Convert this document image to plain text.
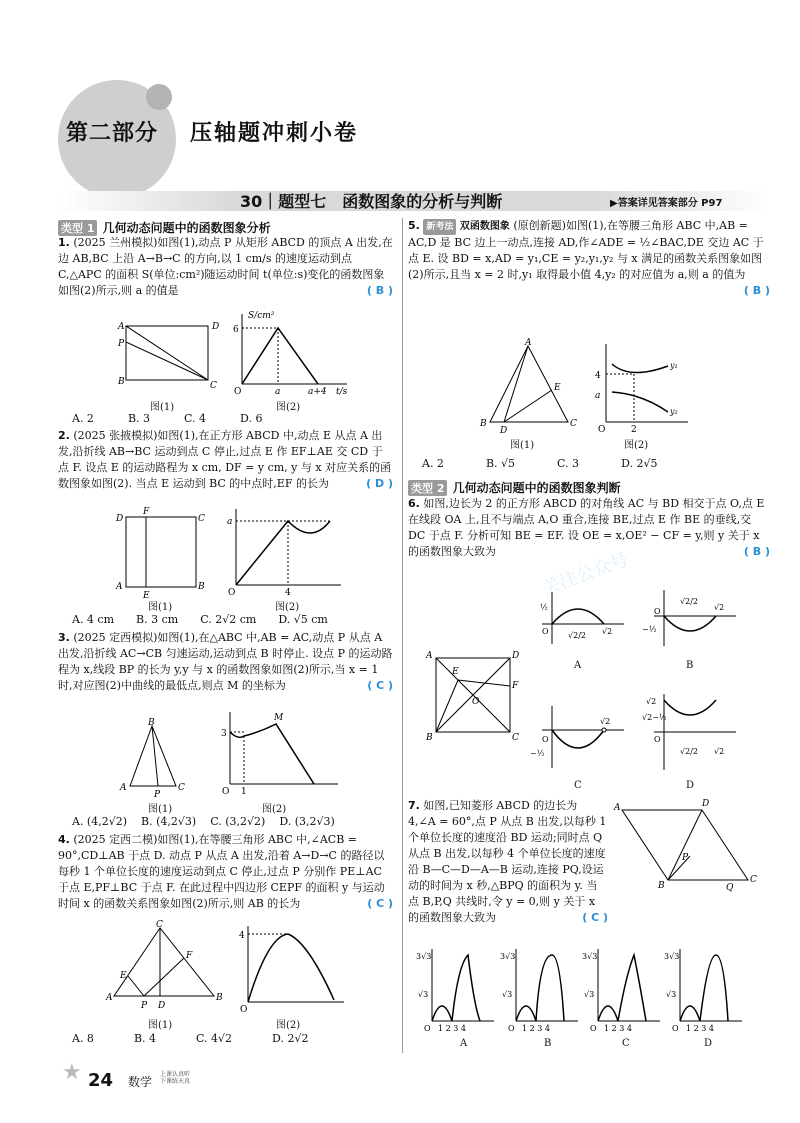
第二部分 压轴题冲刺小卷
30｜题型七　函数图象的分析与判断	▶答案详见答案部分 P97
类型 1 几何动态问题中的函数图象分析
1. (2025 兰州模拟)如图(1),动点 P 从矩形 ABCD 的顶点 A 出发,在边 AB,BC 上沿 A→B→C 的方向,以 1 cm/s 的速度运动到点 C,△APC 的面积 S(单位:cm²)随运动时间 t(单位:s)变化的函数图象如图(2)所示,则 a 的值是	( B )
A	D
B	C
P
图(1)
6
S/cm²
O	a	a+4 t/s
图(2)
A. 2	B. 3	C. 4	D. 6
2. (2025 张掖模拟)如图(1),在正方形 ABCD 中,动点 E 从点 A 出发,沿折线 AB→BC 运动到点 C 停止,过点 E 作 EF⊥AE 交 CD 于点 F. 设点 E 的运动路程为 x cm, DF = y cm, y 与 x 对应关系的函数图象如图(2). 当点 E 运动到 BC 的中点时,EF 的长为	( D )
D
F
C
A
E
B
图(1)
a
O	4
图(2)
A. 4 cm B. 3 cm C. 2√2 cm D. √5 cm
3. (2025 定西模拟)如图(1),在△ABC 中,AB = AC,动点 P 从点 A 出发,沿折线 AC→CB 匀速运动,运动到点 B 时停止. 设点 P 的运动路程为 x,线段 BP 的长为 y,y 与 x 的函数图象如图(2)所示,当 x = 1 时,对应图(2)中曲线的最低点,则点 M 的坐标为	( C )
B
A	C
P
图(1)
3
M
O 1
图(2)
A. (4,2√2) B. (4,2√3) C. (3,2√2) D. (3,2√3)
4. (2025 定西二模)如图(1),在等腰三角形 ABC 中,∠ACB = 90°,CD⊥AB 于点 D. 动点 P 从点 A 出发,沿着 A→D→C 的路径以每秒 1 个单位长度的速度运动到点 C 停止,过点 P 分别作 PE⊥AC 于点 E,PF⊥BC 于点 F. 在此过程中四边形 CEPF 的面积 y 与运动时间 x 的函数关系图象如图(2)所示,则 AB 的长为	( C )
C
A	B
E
F
P D
图(1)
4
O
图(2)
A. 8	B. 4	C. 4√2	D. 2√2
5. 新考法 双函数图象 (原创新题)如图(1),在等腰三角形 ABC 中,AB = AC,D 是 BC 边上一动点,连接 AD,作∠ADE = ½∠BAC,DE 交边 AC 于点 E. 设 BD = x,AD = y₁,CE = y₂,y₁,y₂ 与 x 满足的函数关系图象如图(2)所示,且当 x = 2 时,y₁ 取得最小值 4,y₂ 的对应值为 a,则 a 的值为
( B )
A
B	C
D
E
图(1)
4
a
O	2
y₁
y₂
图(2)
A. 2	B. √5	C. 3	D. 2√5
类型 2 几何动态问题中的函数图象判断
6. 如图,边长为 2 的正方形 ABCD 的对角线 AC 与 BD 相交于点 O,点 E 在线段 OA 上,且不与端点 A,O 重合,连接 BE,过点 E 作 BE 的垂线,交 DC 于点 F. 分析可知 BE = EF. 设 OE = x,OE² − CF = y,则 y 关于 x 的函数图象大致为	( B )
A	D
B	C
E
F
O
½
O √2/2 √2
A
−½
O
√2/2
√2
B
−½
O
√2
C
√2
√2−½
O
√2/2 √2
D
7. 如图,已知菱形 ABCD 的边长为 4,∠A = 60°,点 P 从点 B 出发,以每秒 1 个单位长度的速度沿 BD 运动;同时点 Q 从点 B 出发,以每秒 4 个单位长度的速度沿 B—C—D—A—B 运动,连接 PQ,设运动的时间为 x 秒,△BPQ 的面积为 y. 当点 B,P,Q 共线时,令 y = 0,则 y 关于 x 的函数图象大致为	( C )
A	D
B
C
P
Q
3√3
√3
O 1 2 3 4
A
3√3
√3
O 1 2 3 4
B
3√3
√3
O 1 2 3 4
C
3√3
√3
O 1 2 3 4
D
关注公众号
★ 24 数学
上课认真听
下课练天真
